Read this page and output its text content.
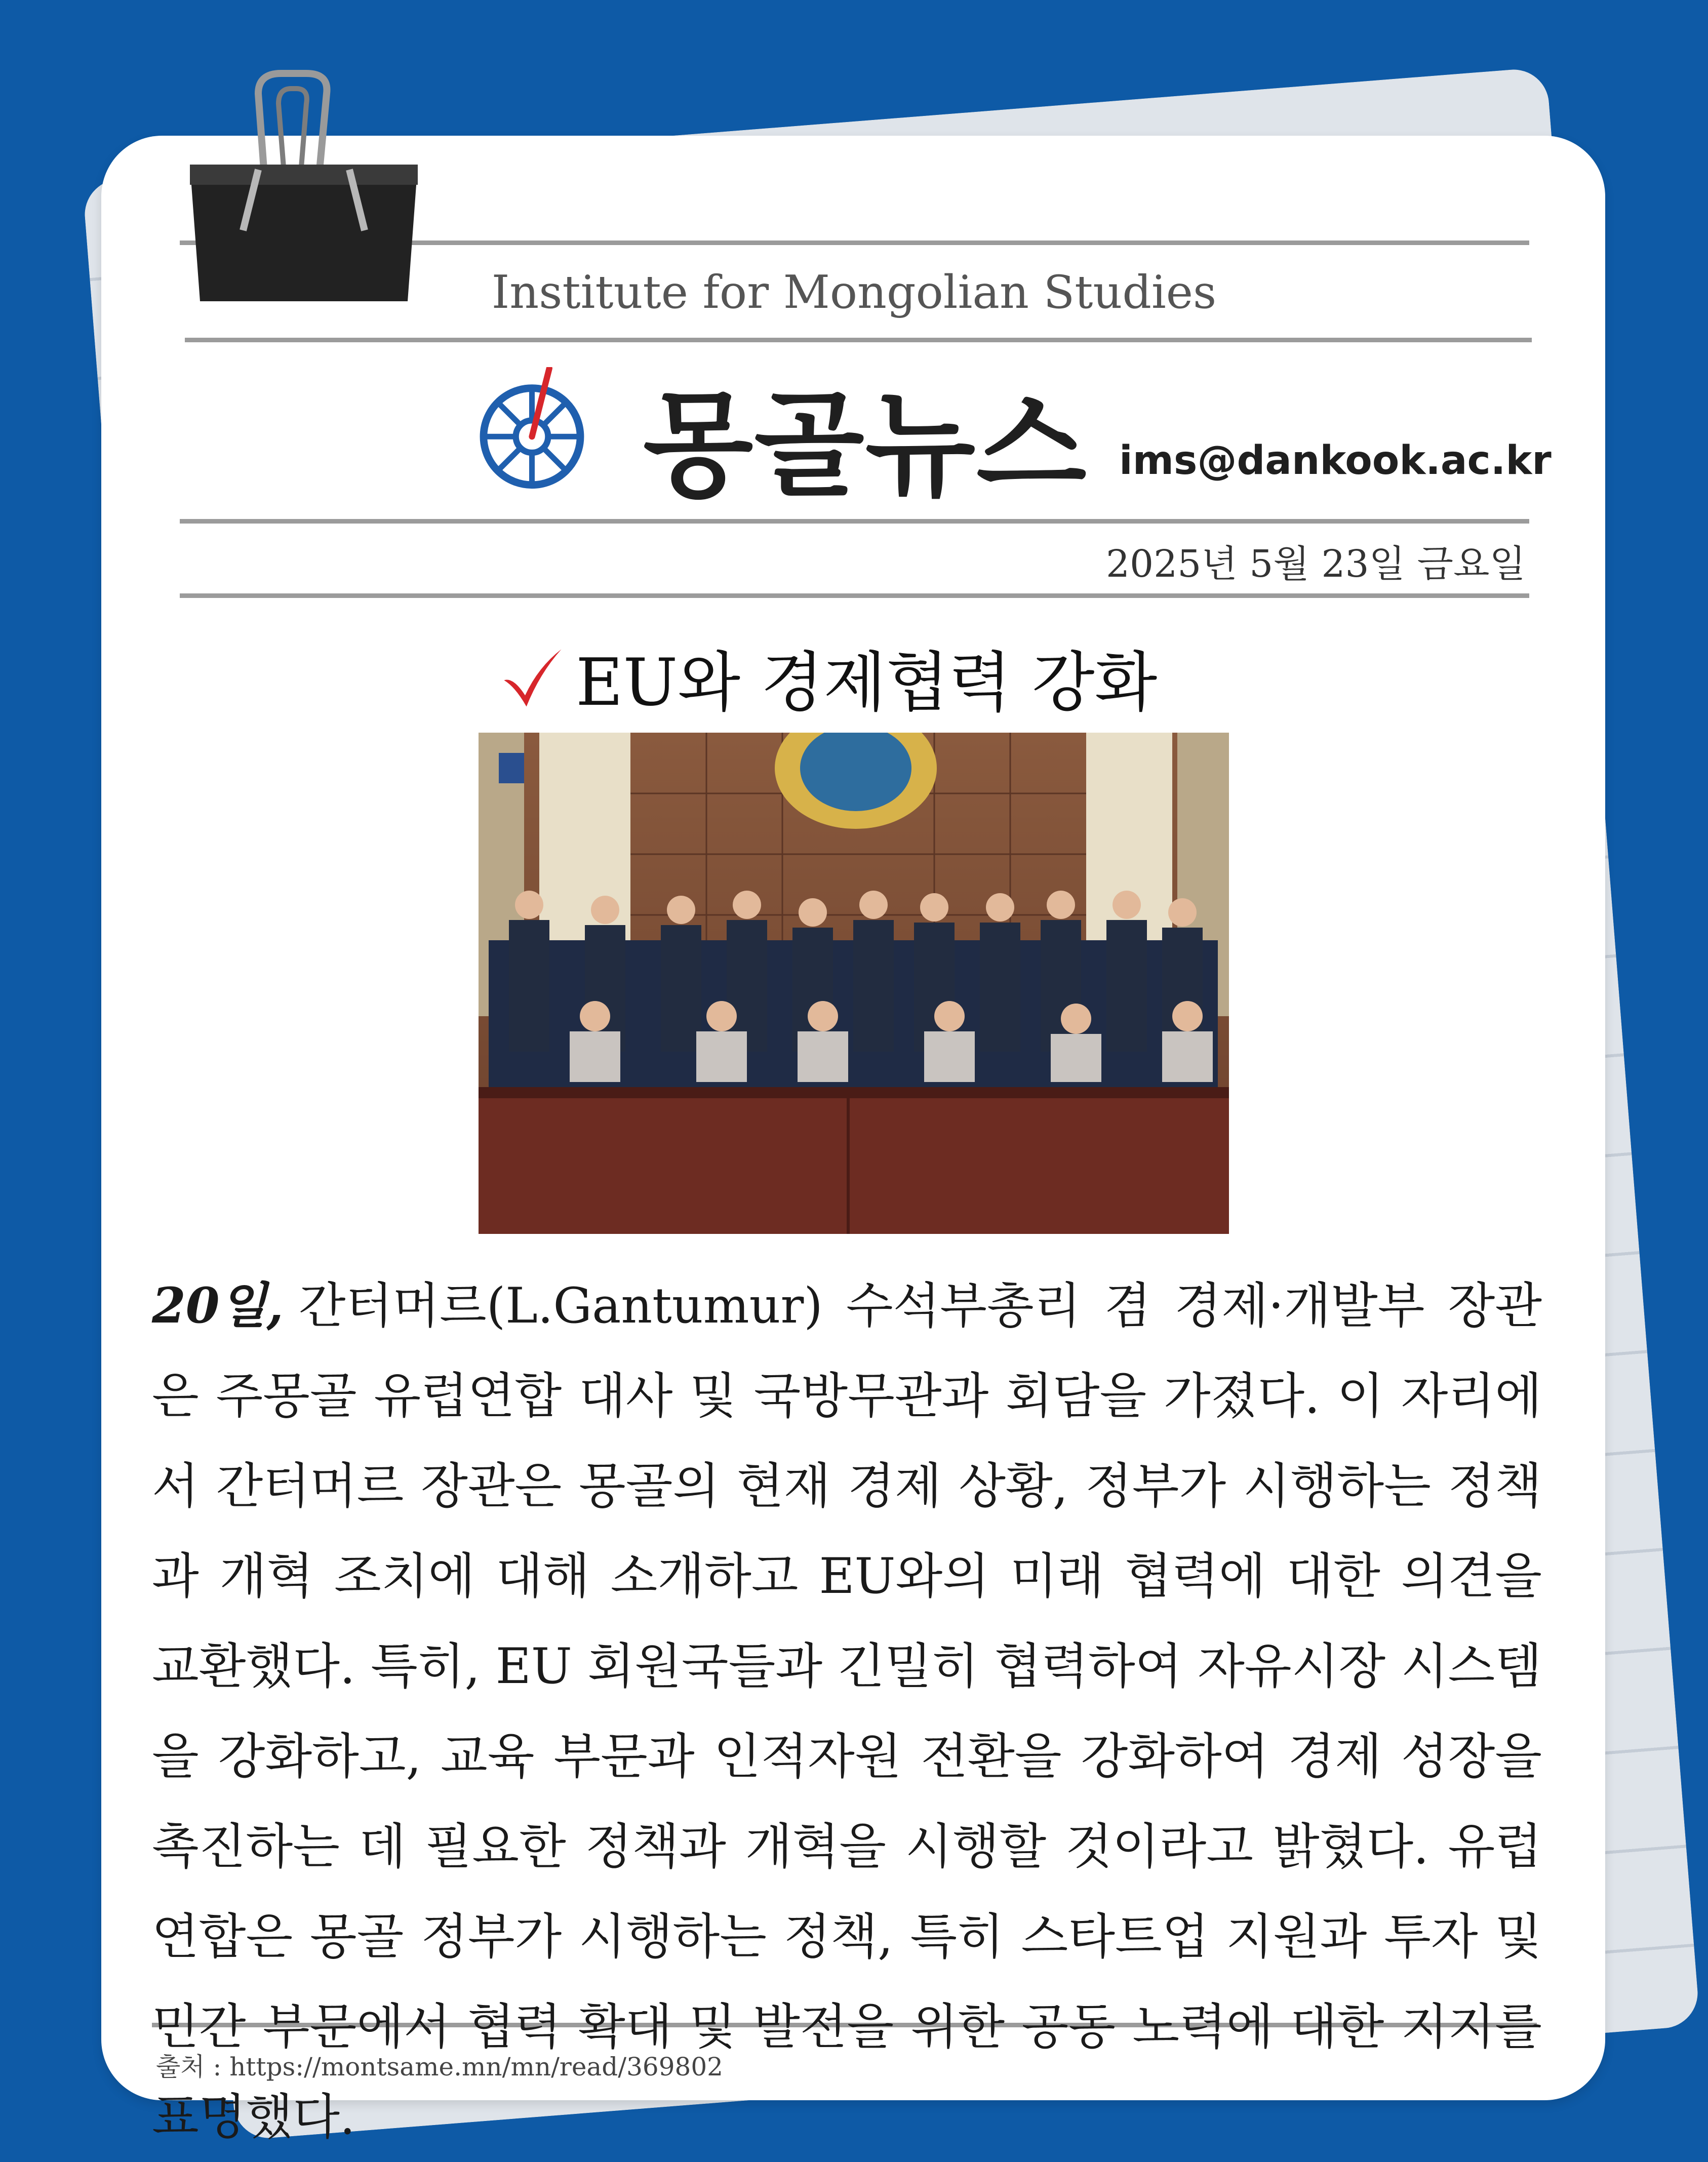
Institute for Mongolian Studies
몽골뉴스 ims@dankook.ac.kr
2025년 5월 23일 금요일
EU와 경제협력 강화
20일, 간터머르(L.Gantumur) 수석부총리 겸 경제·개발부 장관은 주몽골 유럽연합 대사 및 국방무관과 회담을 가졌다. 이 자리에서 간터머르 장관은 몽골의 현재 경제 상황, 정부가 시행하는 정책과 개혁 조치에 대해 소개하고 EU와의 미래 협력에 대한 의견을 교환했다. 특히, EU 회원국들과 긴밀히 협력하여 자유시장 시스템을 강화하고, 교육 부문과 인적자원 전환을 강화하여 경제 성장을 촉진하는 데 필요한 정책과 개혁을 시행할 것이라고 밝혔다. 유럽연합은 몽골 정부가 시행하는 정책, 특히 스타트업 지원과 투자 및 민간 부문에서 협력 확대 및 발전을 위한 공동 노력에 대한 지지를 표명했다.
출처 : https://montsame.mn/mn/read/369802
